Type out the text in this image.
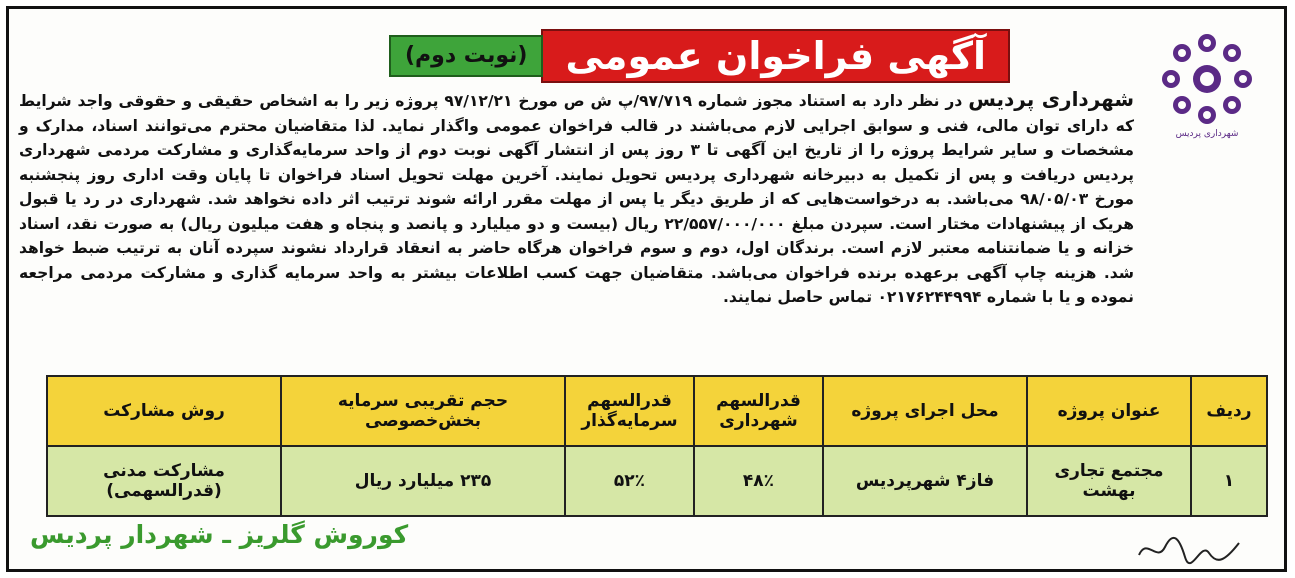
شهرداری پردیس
آگهی فراخوان عمومی
(نوبت دوم)

شهرداری پردیس در نظر دارد به استناد مجوز شماره ۹۷/۷۱۹/پ ش ص مورخ ۹۷/۱۲/۲۱ پروژه زیر را به اشخاص حقیقی و حقوقی واجد شرایط که دارای توان مالی، فنی و سوابق اجرایی لازم می‌باشند در قالب فراخوان عمومی واگذار نماید. لذا متقاضیان محترم می‌توانند اسناد، مدارک و مشخصات و سایر شرایط پروژه را از تاریخ این آگهی تا ۳ روز پس از انتشار آگهی نوبت دوم از واحد سرمایه‌گذاری و مشارکت مردمی شهرداری پردیس دریافت و پس از تکمیل به دبیرخانه شهرداری پردیس تحویل نمایند. آخرین مهلت تحویل اسناد فراخوان تا پایان وقت اداری روز پنجشنبه مورخ ۹۸/۰۵/۰۳ می‌باشد. به درخواست‌هایی که از طریق دیگر یا پس از مهلت مقرر ارائه شوند ترتیب اثر داده نخواهد شد. شهرداری در رد یا قبول هریک از پیشنهادات مختار است. سپردن مبلغ ۲۲/۵۵۷/۰۰۰/۰۰۰ ریال (بیست و دو میلیارد و پانصد و پنجاه و هفت میلیون ریال) به صورت نقد، اسناد خزانه و یا ضمانتنامه معتبر لازم است. برندگان اول، دوم و سوم فراخوان هرگاه حاضر به انعقاد قرارداد نشوند سپرده آنان به ترتیب ضبط خواهد شد. هزینه چاپ آگهی برعهده برنده فراخوان می‌باشد. متقاضیان جهت کسب اطلاعات بیشتر به واحد سرمایه گذاری و مشارکت مردمی مراجعه نموده و یا با شماره ۰۲۱۷۶۲۴۴۹۹۴ تماس حاصل نمایند.

ردیف	عنوان پروژه	محل اجرای پروژه	قدرالسهم شهرداری	قدرالسهم سرمایه‌گذار	حجم تقریبی سرمایه بخش‌خصوصی	روش مشارکت
۱	مجتمع تجاری بهشت	فاز۴ شهرپردیس	۴۸٪	۵۲٪	۲۳۵ میلیارد ریال	مشارکت مدنی (قدرالسهمی)
کوروش گلریز ـ شهردار پردیس
